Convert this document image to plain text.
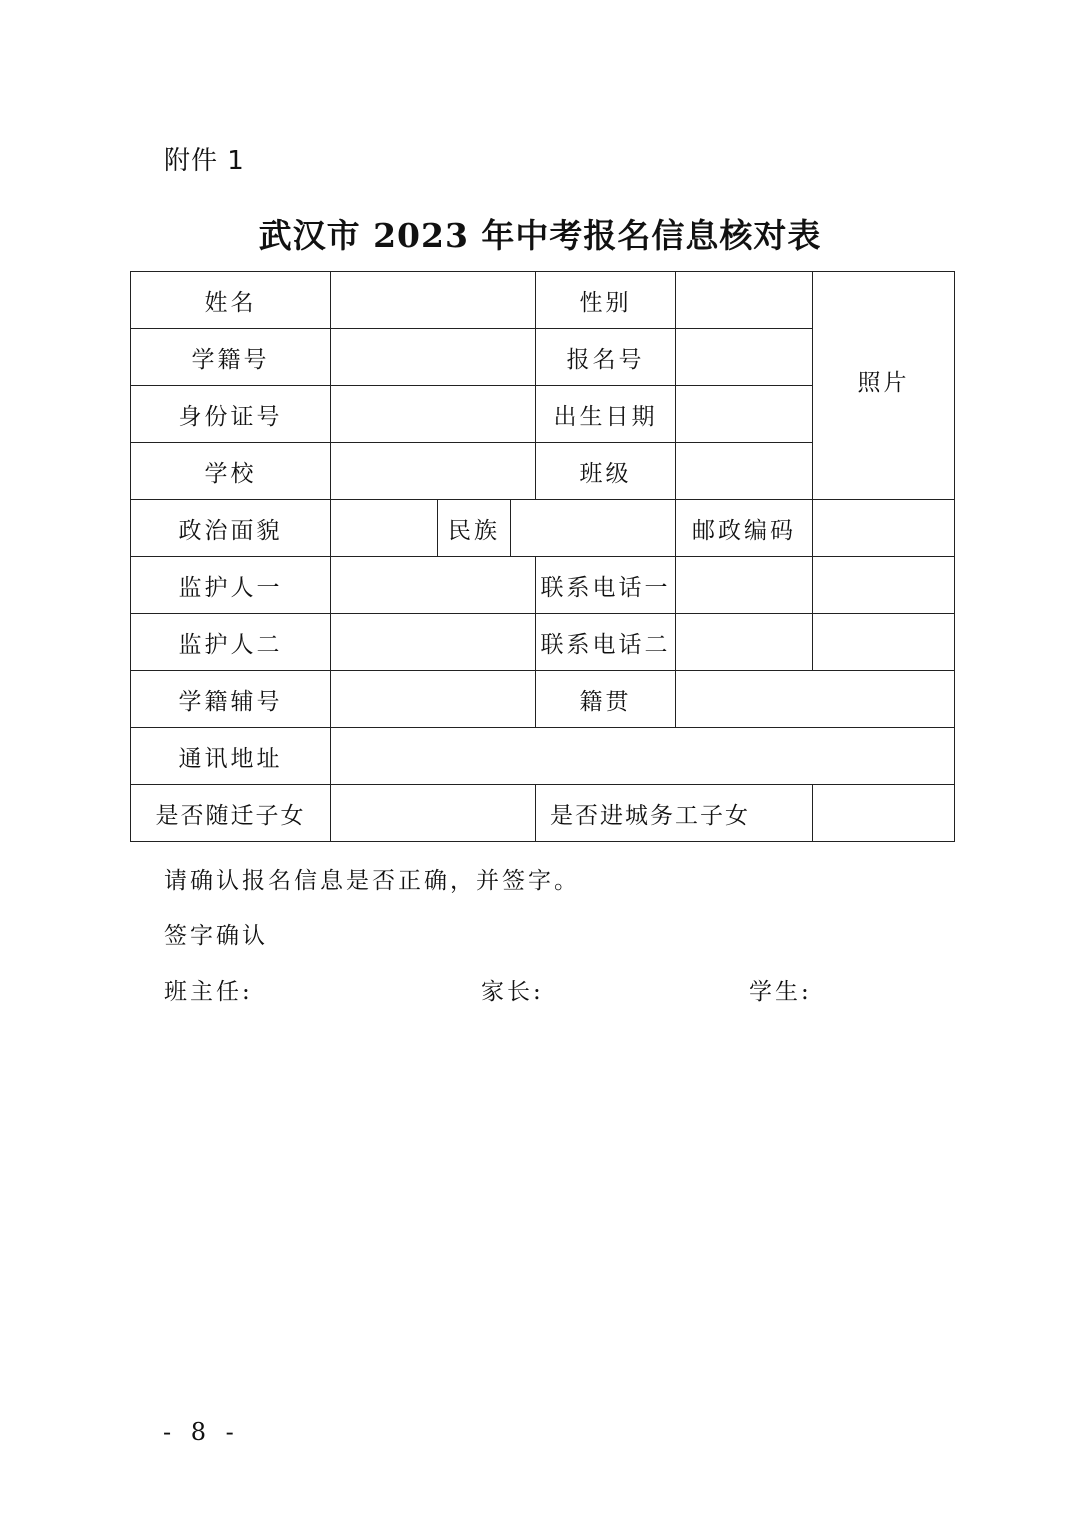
附件 1
武汉市 2023 年中考报名信息核对表
姓名				性别		照片
学籍号				报名号		
身份证号				出生日期		
学校				班级		
政治面貌		民族			邮政编码	
监护人一				联系电话一		
监护人二				联系电话二		
学籍辅号				籍贯		
通讯地址						
是否随迁子女				是否进城务工子女		
请确认报名信息是否正确，并签字。
签字确认
班主任:	家长:	学生:
- 8 -
